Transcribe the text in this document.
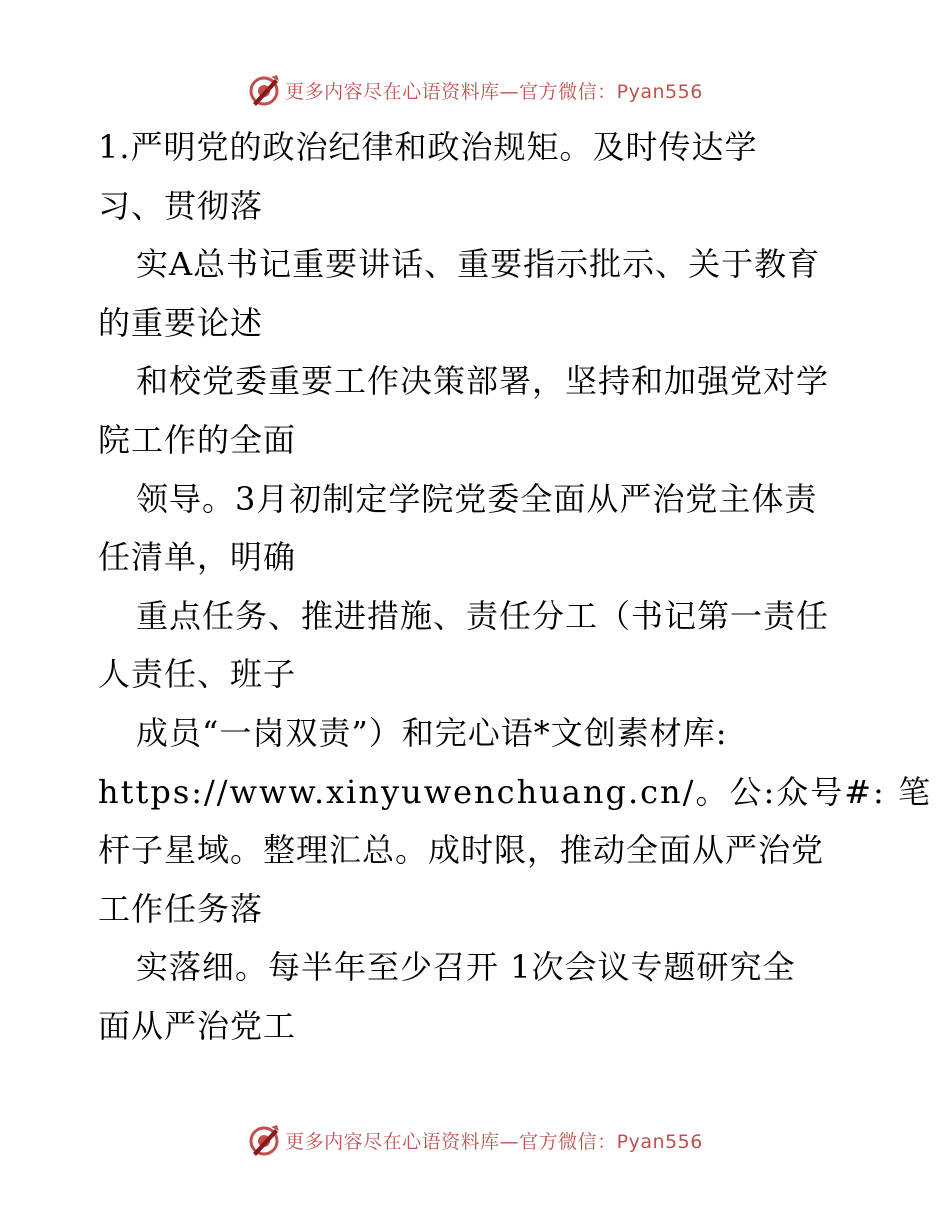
更多内容尽在心语资料库—官方微信：Pyan556
1.严明党的政治纪律和政治规矩。及时传达学
习、贯彻落
实A总书记重要讲话、重要指示批示、关于教育
的重要论述
和校党委重要工作决策部署，坚持和加强党对学
院工作的全面
领导。3月初制定学院党委全面从严治党主体责
任清单，明确
重点任务、推进措施、责任分工（书记第一责任
人责任、班子
成员“一岗双责”）和完心语*文创素材库:
https://www.xinyuwenchuang.cn/。公:众号#: 笔
杆子星域。整理汇总。成时限，推动全面从严治党
工作任务落
实落细。每半年至少召开 1次会议专题研究全
面从严治党工
更多内容尽在心语资料库—官方微信：Pyan556
